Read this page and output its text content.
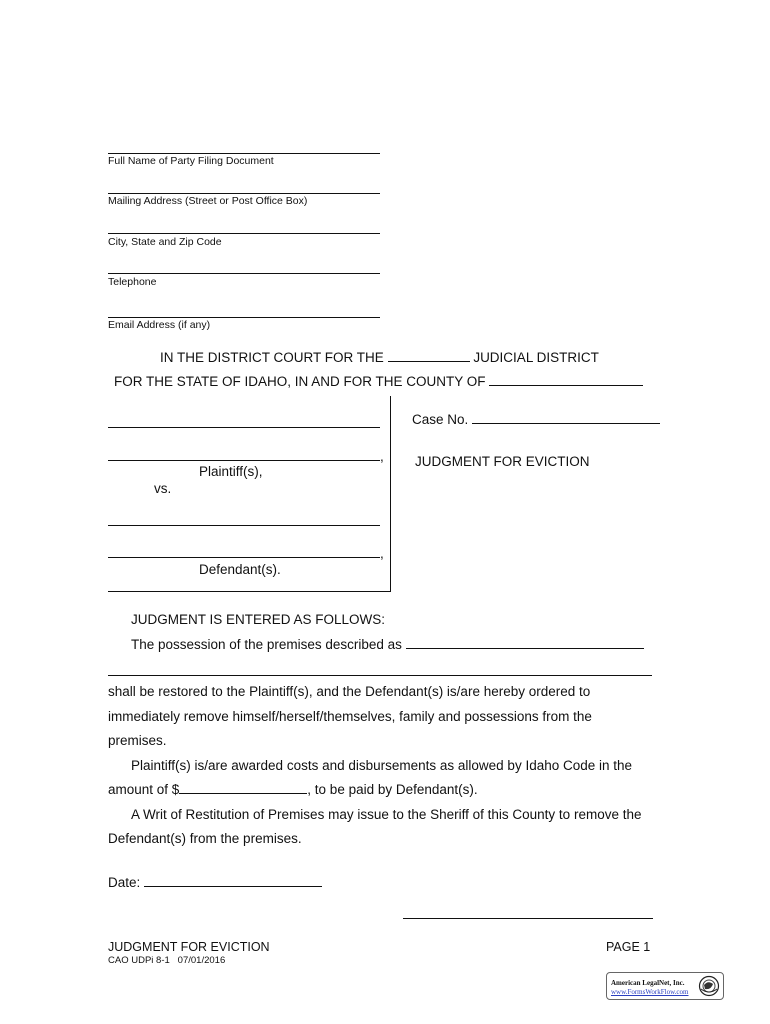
Full Name of Party Filing Document
Mailing Address (Street or Post Office Box)
City, State and Zip Code
Telephone
Email Address (if any)
IN THE DISTRICT COURT FOR THE	JUDICIAL DISTRICT
FOR THE STATE OF IDAHO, IN AND FOR THE COUNTY OF
,
Plaintiff(s),
vs.
,
Defendant(s).
Case No.
JUDGMENT FOR EVICTION
JUDGMENT IS ENTERED AS FOLLOWS:
The possession of the premises described as
shall be restored to the Plaintiff(s), and the Defendant(s) is/are hereby ordered to
immediately remove himself/herself/themselves, family and possessions from the
premises.
Plaintiff(s) is/are awarded costs and disbursements as allowed by Idaho Code in the
amount of $	, to be paid by Defendant(s).
A Writ of Restitution of Premises may issue to the Sheriff of this County to remove the
Defendant(s) from the premises.
Date:
JUDGMENT FOR EVICTION
CAO UDPi 8-1   07/01/2016
PAGE 1
American LegalNet, Inc.
www.FormsWorkFlow.com
